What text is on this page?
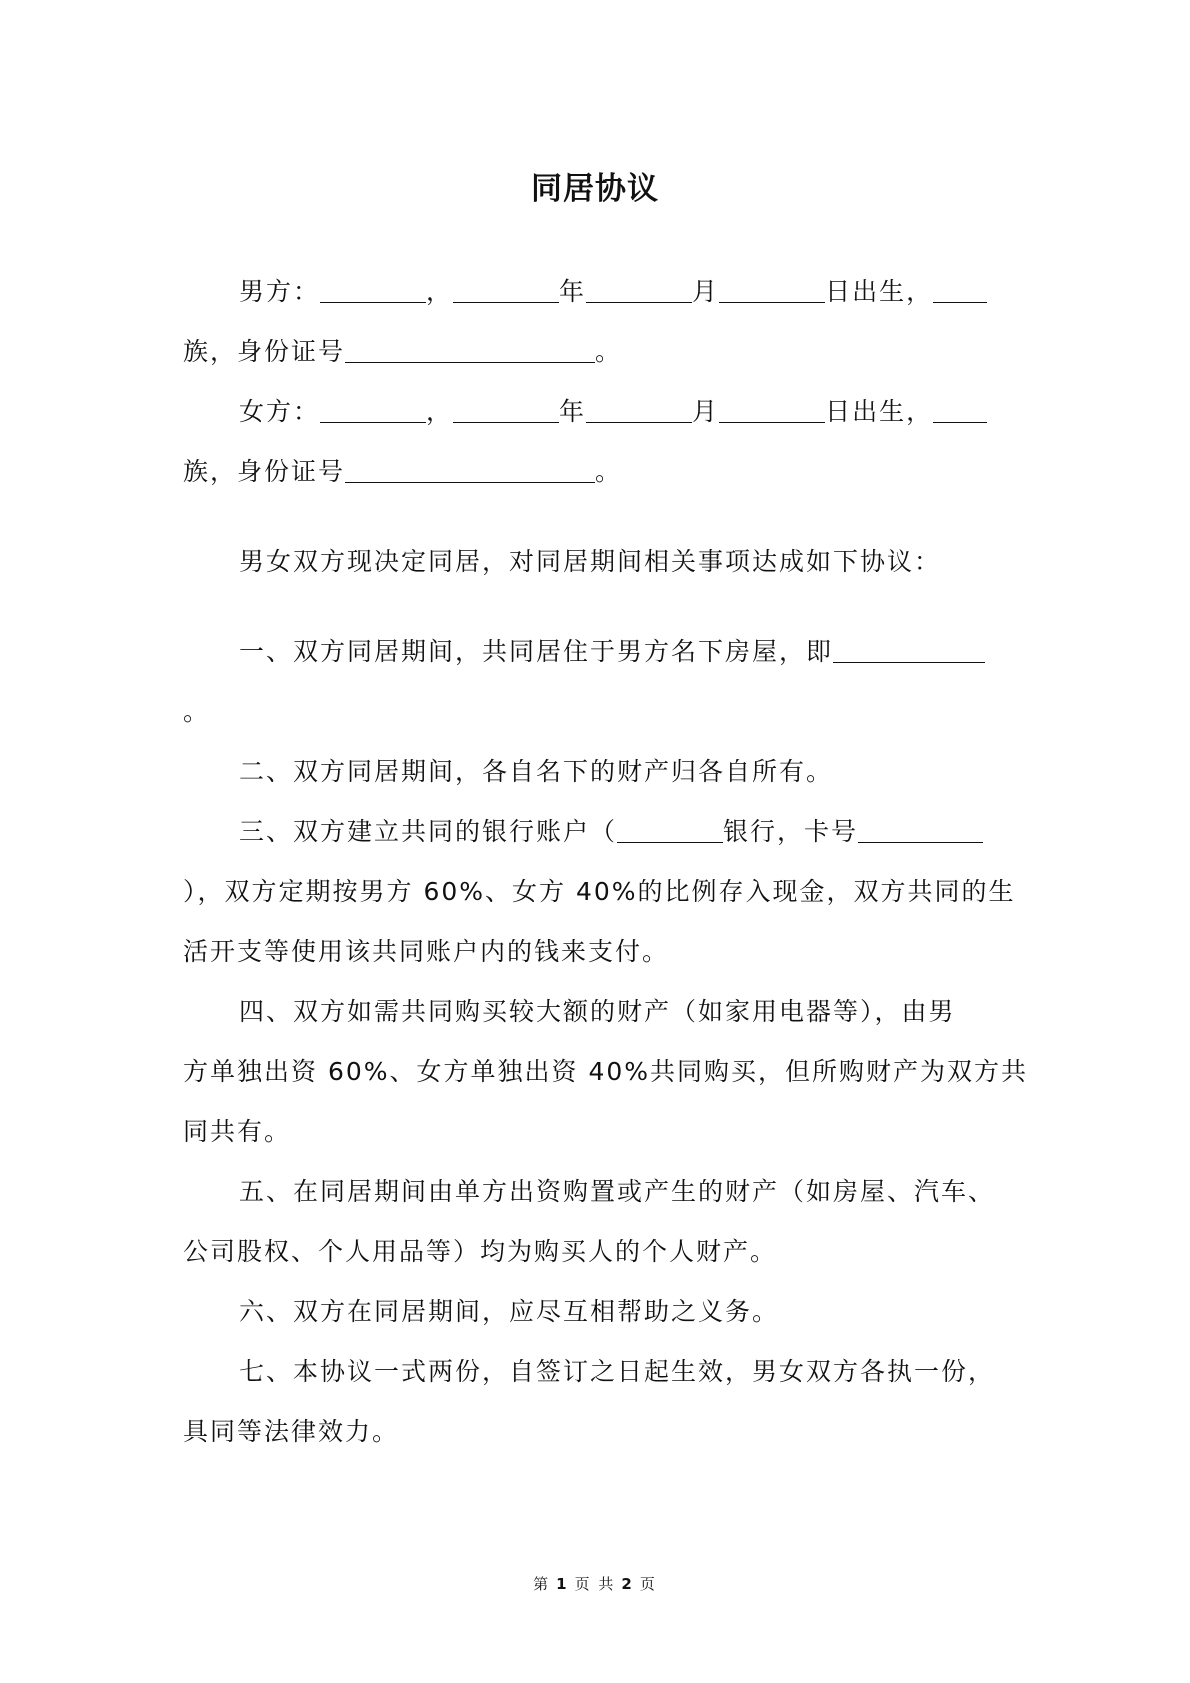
同居协议
男方：	，	年	月	日出生，
族，身份证号	。
女方：	，	年	月	日出生，
族，身份证号	。
男女双方现决定同居，对同居期间相关事项达成如下协议：
一、双方同居期间，共同居住于男方名下房屋，即
。
二、双方同居期间，各自名下的财产归各自所有。
三、双方建立共同的银行账户（	银行，卡号
），双方定期按男方 60%、女方 40%的比例存入现金，双方共同的生
活开支等使用该共同账户内的钱来支付。
四、双方如需共同购买较大额的财产（如家用电器等），由男
方单独出资 60%、女方单独出资 40%共同购买，但所购财产为双方共
同共有。
五、在同居期间由单方出资购置或产生的财产（如房屋、汽车、
公司股权、个人用品等）均为购买人的个人财产。
六、双方在同居期间，应尽互相帮助之义务。
七、本协议一式两份，自签订之日起生效，男女双方各执一份，
具同等法律效力。
第 1 页 共 2 页
